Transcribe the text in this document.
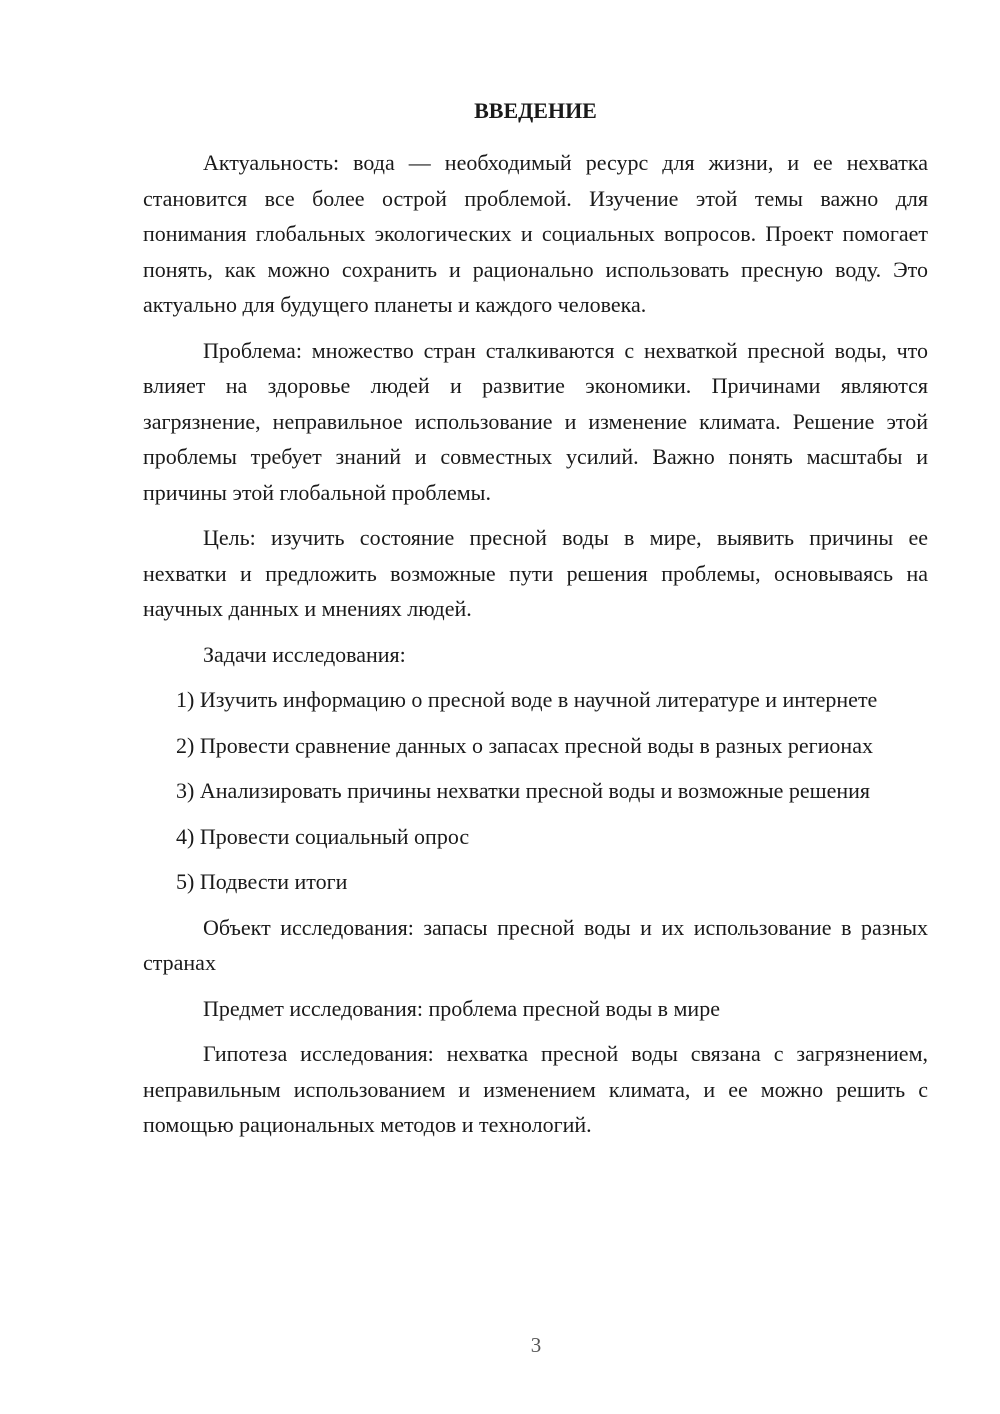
ВВЕДЕНИЕ

Актуальность: вода — необходимый ресурс для жизни, и ее нехватка становится все более острой проблемой. Изучение этой темы важно для понимания глобальных экологических и социальных вопросов. Проект помогает понять, как можно сохранить и рационально использовать пресную воду. Это актуально для будущего планеты и каждого человека.

Проблема: множество стран сталкиваются с нехваткой пресной воды, что влияет на здоровье людей и развитие экономики. Причинами являются загрязнение, неправильное использование и изменение климата. Решение этой проблемы требует знаний и совместных усилий. Важно понять масштабы и причины этой глобальной проблемы.

Цель: изучить состояние пресной воды в мире, выявить причины ее нехватки и предложить возможные пути решения проблемы, основываясь на научных данных и мнениях людей.

Задачи исследования:

1) Изучить информацию о пресной воде в научной литературе и интернете

2) Провести сравнение данных о запасах пресной воды в разных регионах

3) Анализировать причины нехватки пресной воды и возможные решения

4) Провести социальный опрос

5) Подвести итоги

Объект исследования: запасы пресной воды и их использование в разных странах

Предмет исследования: проблема пресной воды в мире

Гипотеза исследования: нехватка пресной воды связана с загрязнением, неправильным использованием и изменением климата, и ее можно решить с помощью рациональных методов и технологий.

3
